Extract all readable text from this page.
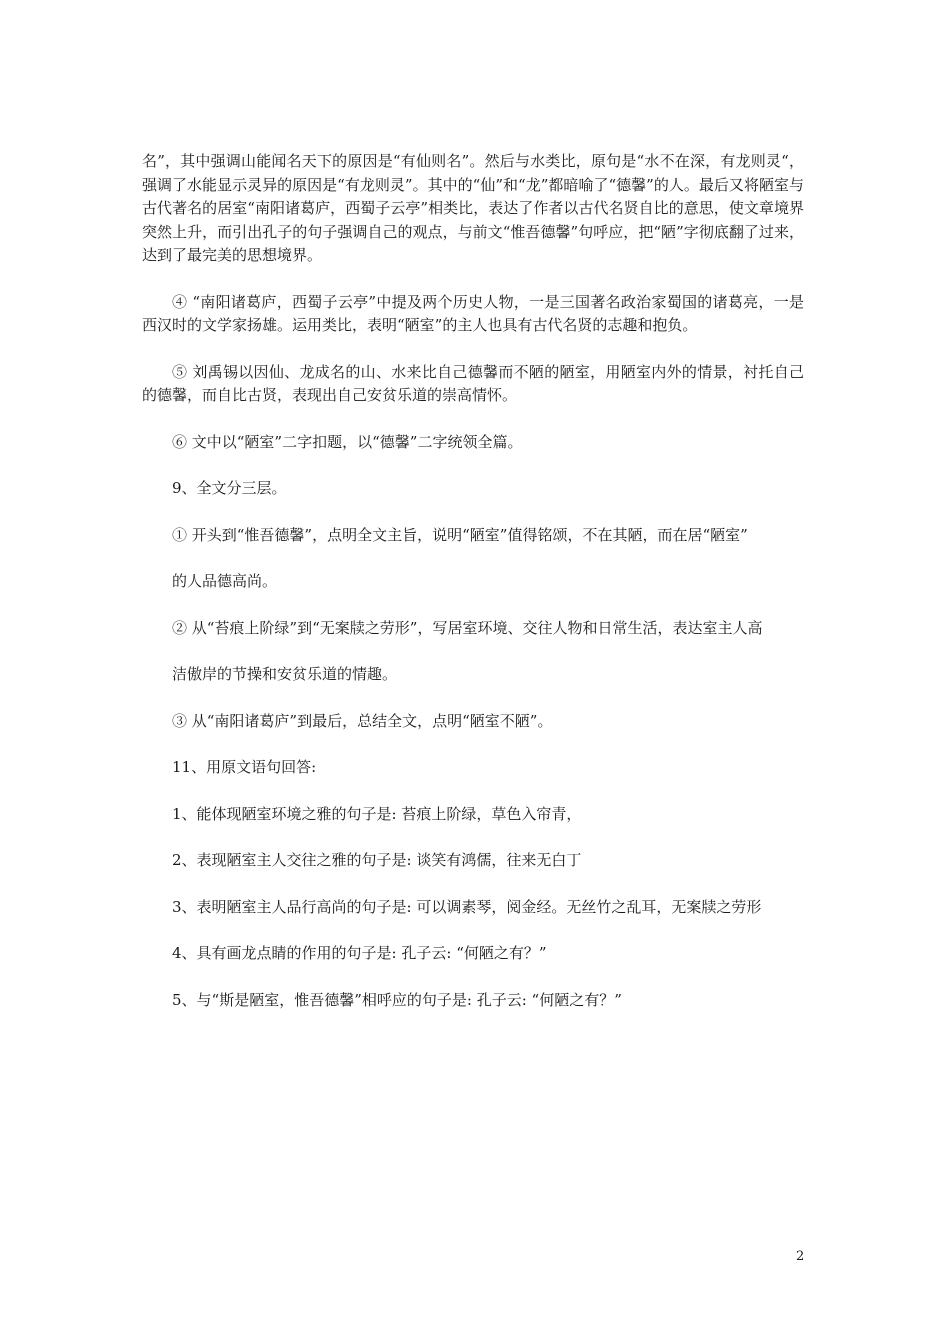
名”，其中强调山能闻名天下的原因是“有仙则名”。然后与水类比，原句是“水不在深，有龙则灵“，强调了水能显示灵异的原因是“有龙则灵”。其中的“仙”和“龙”都暗喻了“德馨”的人。最后又将陋室与古代著名的居室“南阳诸葛庐，西蜀子云亭”相类比，表达了作者以古代名贤自比的意思，使文章境界突然上升，而引出孔子的句子强调自己的观点，与前文“惟吾德馨”句呼应，把“陋”字彻底翻了过来，达到了最完美的思想境界。

④ “南阳诸葛庐，西蜀子云亭”中提及两个历史人物，一是三国著名政治家蜀国的诸葛亮，一是西汉时的文学家扬雄。运用类比，表明“陋室”的主人也具有古代名贤的志趣和抱负。

⑤ 刘禹锡以因仙、龙成名的山、水来比自己德馨而不陋的陋室，用陋室内外的情景，衬托自己的德馨，而自比古贤，表现出自己安贫乐道的崇高情怀。

⑥ 文中以“陋室”二字扣题，以“德馨”二字统领全篇。

9、全文分三层。

① 开头到“惟吾德馨”，点明全文主旨，说明“陋室”值得铭颂，不在其陋，而在居“陋室”

的人品德高尚。

② 从“苔痕上阶绿”到“无案牍之劳形”，写居室环境、交往人物和日常生活，表达室主人高

洁傲岸的节操和安贫乐道的情趣。

③ 从“南阳诸葛庐”到最后，总结全文，点明“陋室不陋”。

11、用原文语句回答:

1、能体现陋室环境之雅的句子是: 苔痕上阶绿，草色入帘青，

2、表现陋室主人交往之雅的句子是: 谈笑有鸿儒，往来无白丁

3、表明陋室主人品行高尚的句子是: 可以调素琴，阅金经。无丝竹之乱耳，无案牍之劳形

4、具有画龙点睛的作用的句子是: 孔子云: “何陋之有？”

5、与“斯是陋室，惟吾德馨”相呼应的句子是: 孔子云: “何陋之有？”

2
